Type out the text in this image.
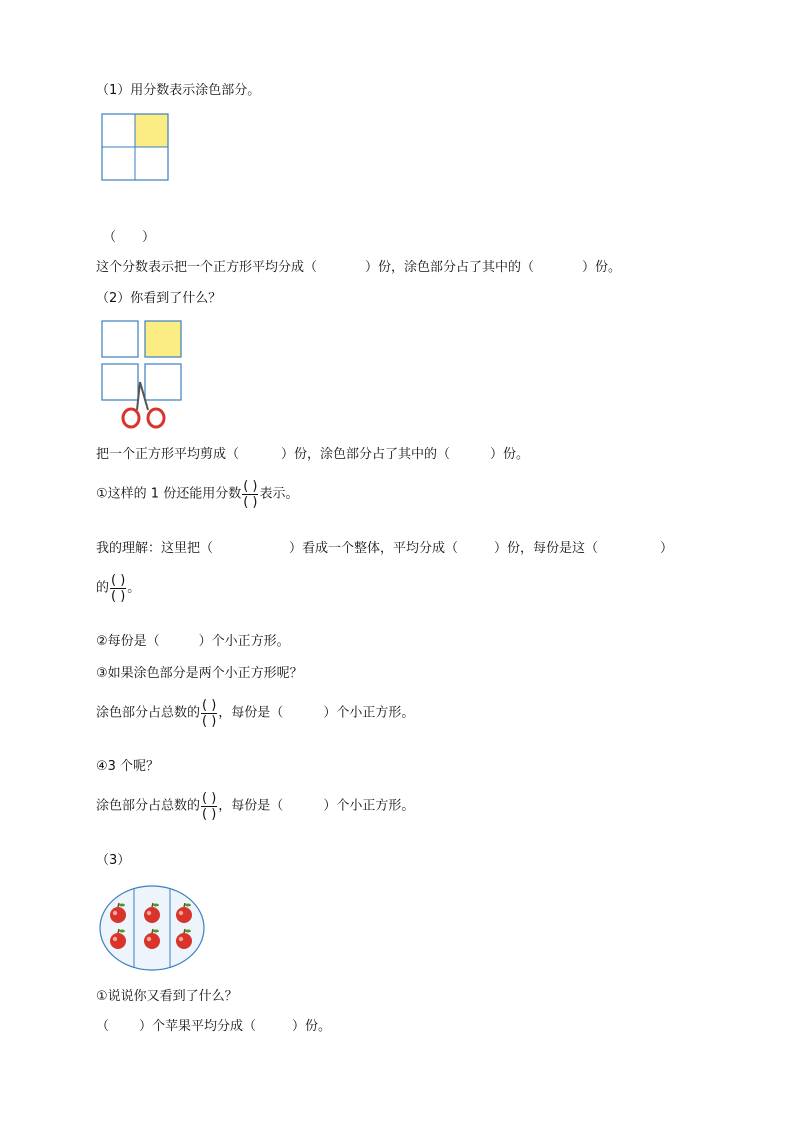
（1）用分数表示涂色部分。
（　　）
这个分数表示把一个正方形平均分成（	）份，涂色部分占了其中的（	）份。
（2）你看到了什么？
把一个正方形平均剪成（	）份，涂色部分占了其中的（	）份。
①这样的 1 份还能用分数 $\frac{( )}{( )}$ 表示。
我的理解：这里把（	）看成一个整体，平均分成（	）份，每份是这（	）
的 $\frac{( )}{( )}$ 。
②每份是（　　　）个小正方形。
③如果涂色部分是两个小正方形呢？
涂色部分占总数的 $\frac{( )}{( )}$ ，每份是（	）个小正方形。
④3 个呢？
涂色部分占总数的 $\frac{( )}{( )}$ ，每份是（	）个小正方形。
（3）
①说说你又看到了什么？
（ ）个苹果平均分成（	）份。
